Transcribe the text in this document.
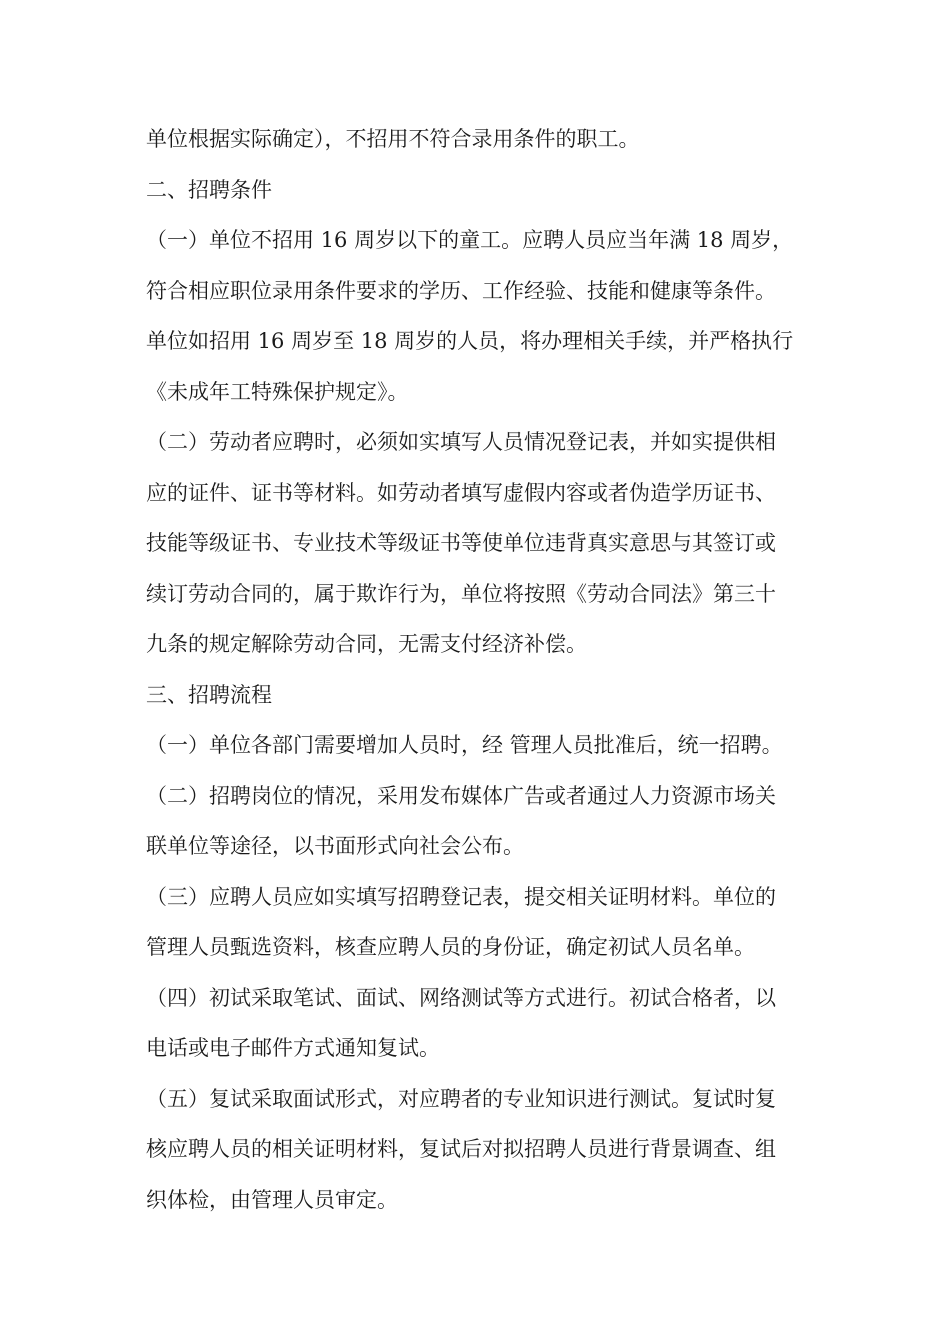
单位根据实际确定），不招用不符合录用条件的职工。
二、招聘条件
（一）单位不招用 16 周岁以下的童工。应聘人员应当年满 18 周岁，
符合相应职位录用条件要求的学历、工作经验、技能和健康等条件。
单位如招用 16 周岁至 18 周岁的人员，将办理相关手续，并严格执行
《未成年工特殊保护规定》。
（二）劳动者应聘时，必须如实填写人员情况登记表，并如实提供相
应的证件、证书等材料。如劳动者填写虚假内容或者伪造学历证书、
技能等级证书、专业技术等级证书等使单位违背真实意思与其签订或
续订劳动合同的，属于欺诈行为，单位将按照《劳动合同法》第三十
九条的规定解除劳动合同，无需支付经济补偿。
三、招聘流程
（一）单位各部门需要增加人员时，经 管理人员批准后，统一招聘。
（二）招聘岗位的情况，采用发布媒体广告或者通过人力资源市场关
联单位等途径，以书面形式向社会公布。
（三）应聘人员应如实填写招聘登记表，提交相关证明材料。单位的
管理人员甄选资料，核查应聘人员的身份证，确定初试人员名单。
（四）初试采取笔试、面试、网络测试等方式进行。初试合格者，以
电话或电子邮件方式通知复试。
（五）复试采取面试形式，对应聘者的专业知识进行测试。复试时复
核应聘人员的相关证明材料，复试后对拟招聘人员进行背景调查、组
织体检，由管理人员审定。
